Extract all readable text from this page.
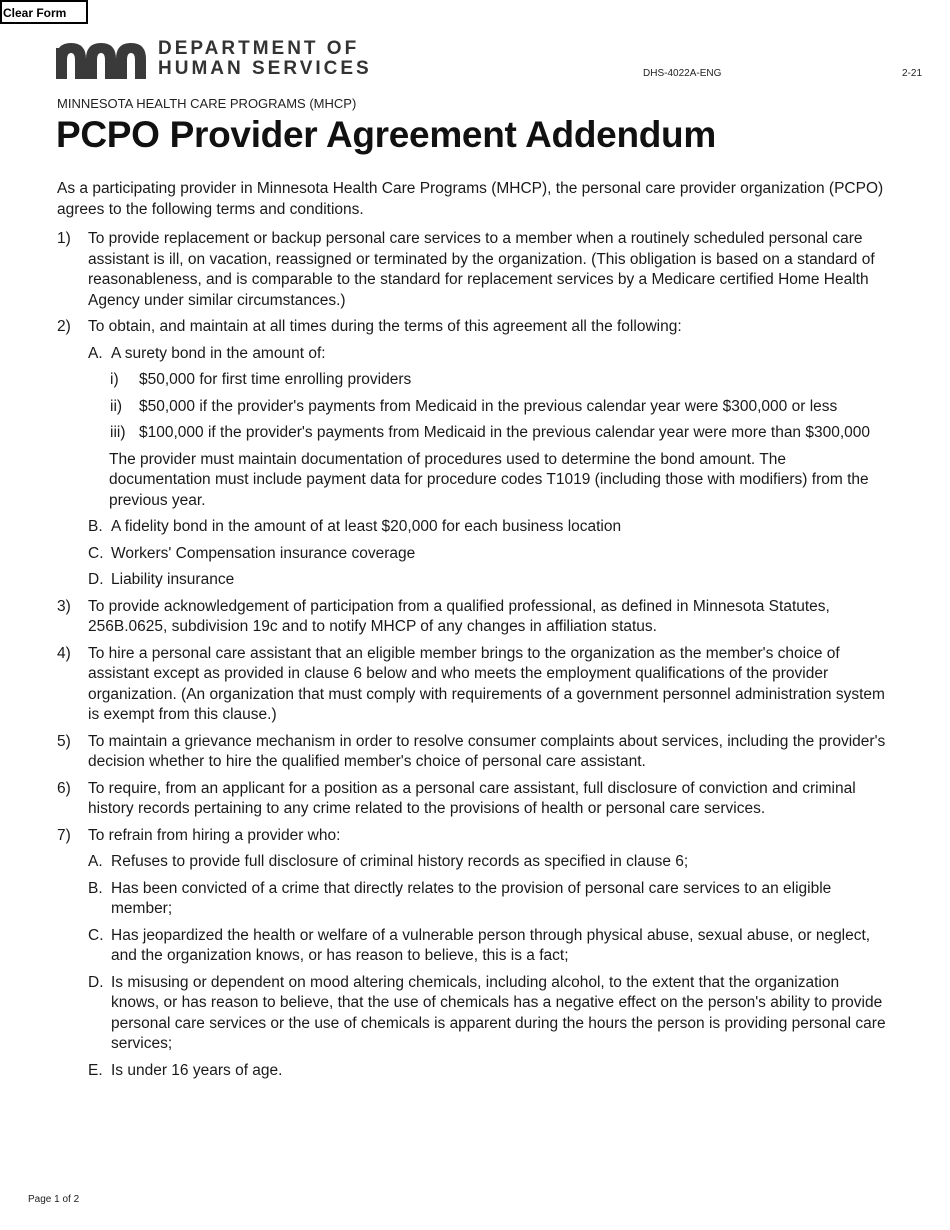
Clear Form
DEPARTMENT OF
HUMAN SERVICES	DHS-4022A-ENG	2-21
MINNESOTA HEALTH CARE PROGRAMS (MHCP)
PCPO Provider Agreement Addendum

As a participating provider in Minnesota Health Care Programs (MHCP), the personal care provider organization (PCPO) agrees to the following terms and conditions.

1)	To provide replacement or backup personal care services to a member when a routinely scheduled personal care assistant is ill, on vacation, reassigned or terminated by the organization. (This obligation is based on a standard of reasonableness, and is comparable to the standard for replacement services by a Medicare certified Home Health Agency under similar circumstances.)
2)	To obtain, and maintain at all times during the terms of this agreement all the following:
A. A surety bond in the amount of:
i)	$50,000 for first time enrolling providers
ii)	$50,000 if the provider's payments from Medicaid in the previous calendar year were $300,000 or less
iii) $100,000 if the provider's payments from Medicaid in the previous calendar year were more than $300,000
The provider must maintain documentation of procedures used to determine the bond amount. The documentation must include payment data for procedure codes T1019 (including those with modifiers) from the previous year.
B. A fidelity bond in the amount of at least $20,000 for each business location
C. Workers' Compensation insurance coverage
D. Liability insurance
3)	To provide acknowledgement of participation from a qualified professional, as defined in Minnesota Statutes, 256B.0625, subdivision 19c and to notify MHCP of any changes in affiliation status.
4)	To hire a personal care assistant that an eligible member brings to the organization as the member's choice of assistant except as provided in clause 6 below and who meets the employment qualifications of the provider organization. (An organization that must comply with requirements of a government personnel administration system is exempt from this clause.)
5)	To maintain a grievance mechanism in order to resolve consumer complaints about services, including the provider's decision whether to hire the qualified member's choice of personal care assistant.
6)	To require, from an applicant for a position as a personal care assistant, full disclosure of conviction and criminal history records pertaining to any crime related to the provisions of health or personal care services.
7)	To refrain from hiring a provider who:
A. Refuses to provide full disclosure of criminal history records as specified in clause 6;
B. Has been convicted of a crime that directly relates to the provision of personal care services to an eligible member;
C. Has jeopardized the health or welfare of a vulnerable person through physical abuse, sexual abuse, or neglect, and the organization knows, or has reason to believe, this is a fact;
D. Is misusing or dependent on mood altering chemicals, including alcohol, to the extent that the organization knows, or has reason to believe, that the use of chemicals has a negative effect on the person's ability to provide personal care services or the use of chemicals is apparent during the hours the person is providing personal care services;
E. Is under 16 years of age.
Page 1 of 2
